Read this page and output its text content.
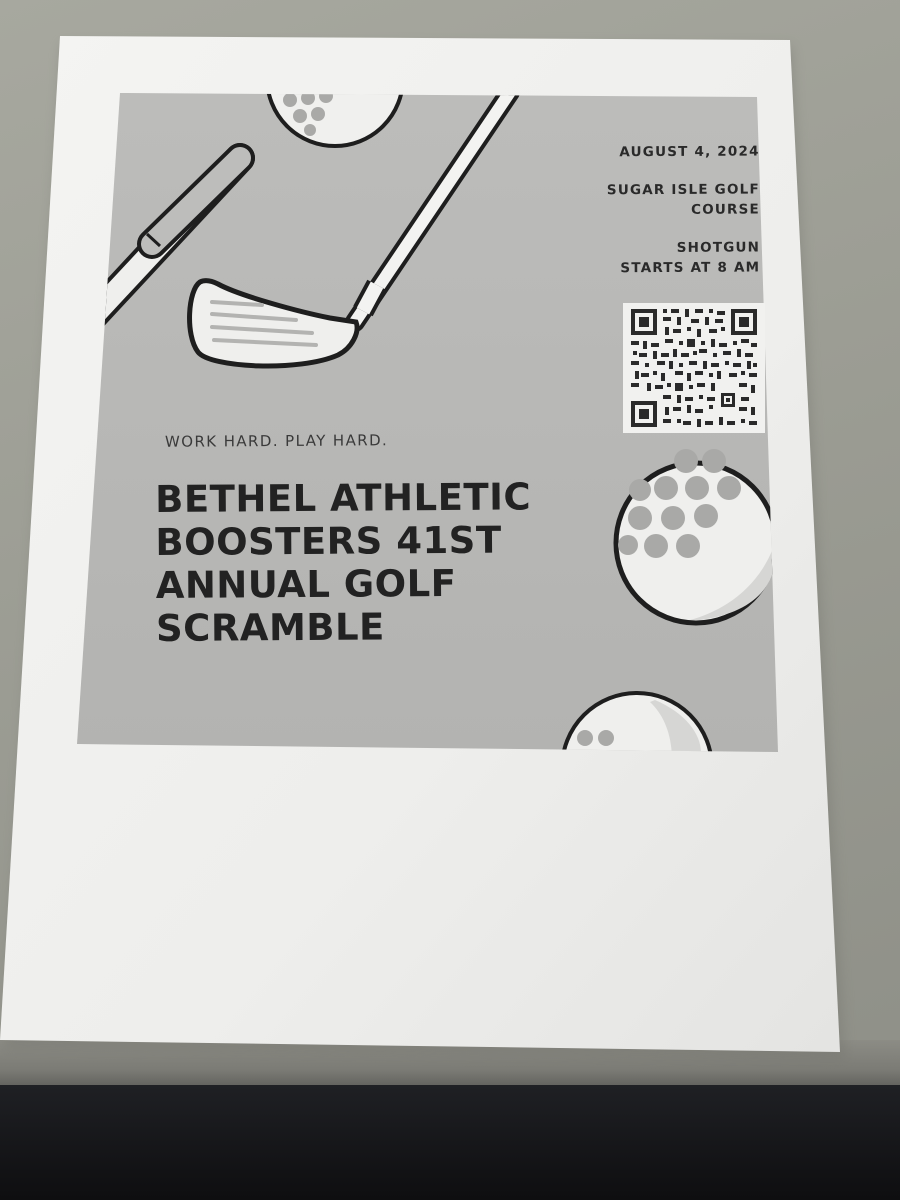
WORK HARD. PLAY HARD.
BETHEL ATHLETIC
BOOSTERS 41ST
ANNUAL GOLF
SCRAMBLE
AUGUST 4, 2024
SUGAR ISLE GOLF
COURSE
SHOTGUN
STARTS AT 8 AM
